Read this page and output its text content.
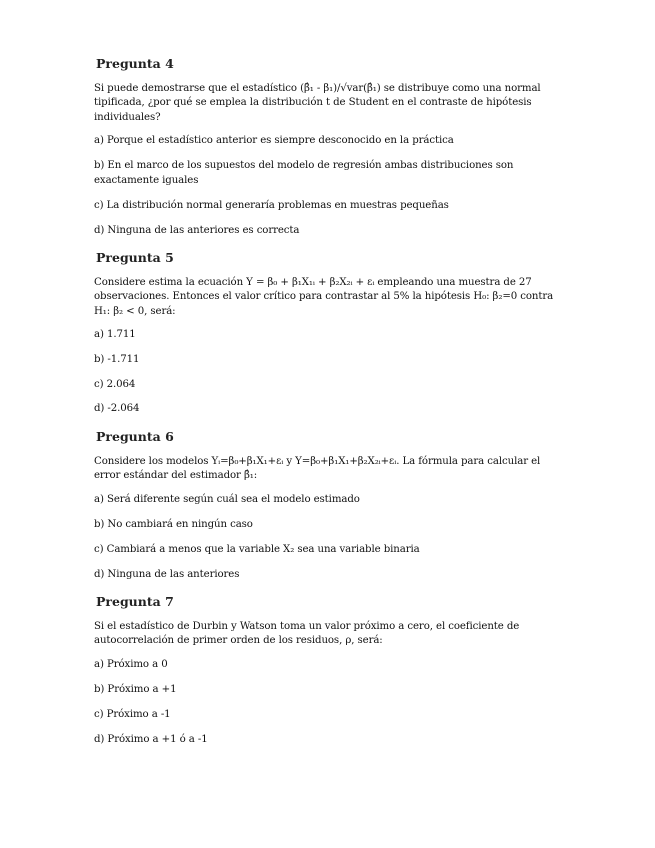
Pregunta 4
Si puede demostrarse que el estadístico (β̂₁ - β₁)/√var(β̂₁) se distribuye como una normal tipificada, ¿por qué se emplea la distribución t de Student en el contraste de hipótesis individuales?
a) Porque el estadístico anterior es siempre desconocido en la práctica
b) En el marco de los supuestos del modelo de regresión ambas distribuciones son exactamente iguales
c) La distribución normal generaría problemas en muestras pequeñas
d) Ninguna de las anteriores es correcta
Pregunta 5
Considere estima la ecuación Y = β₀ + β₁X₁ᵢ + β₂X₂ᵢ + εᵢ empleando una muestra de 27 observaciones. Entonces el valor crítico para contrastar al 5% la hipótesis H₀: β₂=0 contra H₁: β₂ < 0, será:
a) 1.711
b) -1.711
c) 2.064
d) -2.064
Pregunta 6
Considere los modelos Yᵢ=β₀+β₁X₁+εᵢ y Y=β₀+β₁X₁+β₂X₂ᵢ+εᵢ. La fórmula para calcular el error estándar del estimador β̂₁:
a) Será diferente según cuál sea el modelo estimado
b) No cambiará en ningún caso
c) Cambiará a menos que la variable X₂ sea una variable binaria
d) Ninguna de las anteriores
Pregunta 7
Si el estadístico de Durbin y Watson toma un valor próximo a cero, el coeficiente de autocorrelación de primer orden de los residuos, ρ, será:
a) Próximo a 0
b) Próximo a +1
c) Próximo a -1
d) Próximo a +1 ó a -1
